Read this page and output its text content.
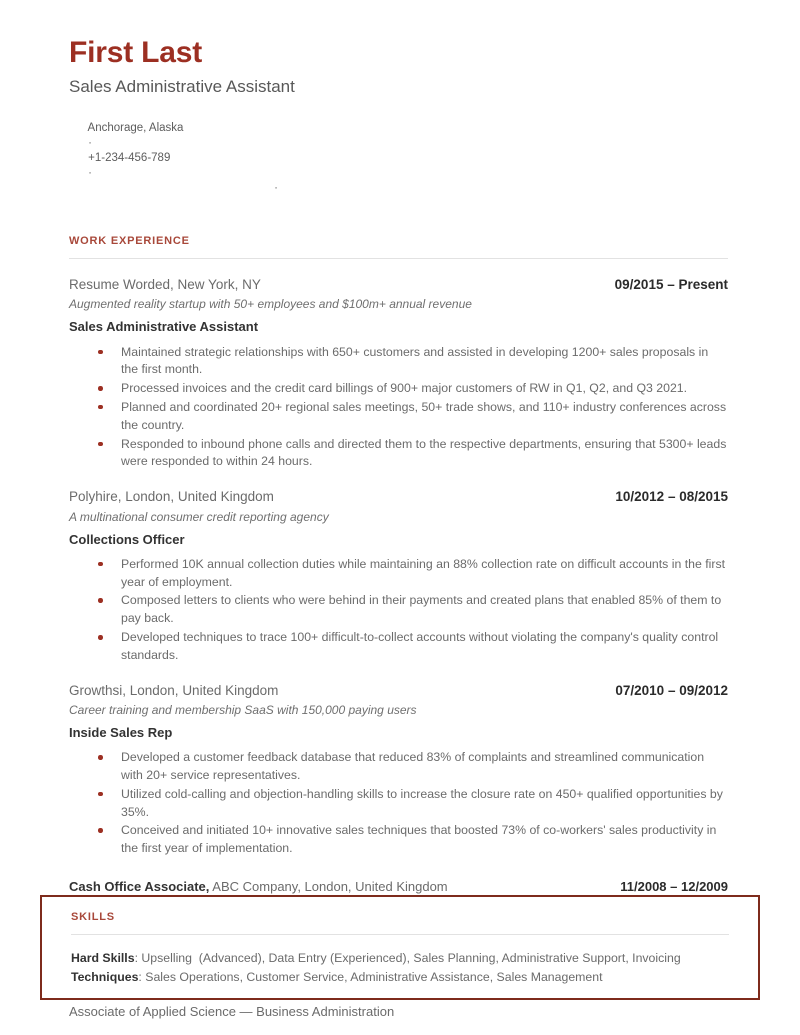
First Last
Sales Administrative Assistant

Anchorage, Alaska
·
+1-234-456-789
·
·

WORK EXPERIENCE
Resume Worded, New York, NY	09/2015 – Present
Augmented reality startup with 50+ employees and $100m+ annual revenue
Sales Administrative Assistant
Maintained strategic relationships with 650+ customers and assisted in developing 1200+ sales proposals in the first month.
Processed invoices and the credit card billings of 900+ major customers of RW in Q1, Q2, and Q3 2021.
Planned and coordinated 20+ regional sales meetings, 50+ trade shows, and 110+ industry conferences across the country.
Responded to inbound phone calls and directed them to the respective departments, ensuring that 5300+ leads were responded to within 24 hours.
Polyhire, London, United Kingdom	10/2012 – 08/2015
A multinational consumer credit reporting agency
Collections Officer
Performed 10K annual collection duties while maintaining an 88% collection rate on difficult accounts in the first year of employment.
Composed letters to clients who were behind in their payments and created plans that enabled 85% of them to pay back.
Developed techniques to trace 100+ difficult-to-collect accounts without violating the company's quality control standards.
Growthsi, London, United Kingdom	07/2010 – 09/2012
Career training and membership SaaS with 150,000 paying users
Inside Sales Rep
Developed a customer feedback database that reduced 83% of complaints and streamlined communication with 20+ service representatives.
Utilized cold-calling and objection-handling skills to increase the closure rate on 450+ qualified opportunities by 35%.
Conceived and initiated 10+ innovative sales techniques that boosted 73% of co-workers' sales productivity in the first year of implementation.
Cash Office Associate, ABC Company, London, United Kingdom	11/2008 – 12/2009
Associate of Applied Science — Business Administration
SKILLS
Hard Skills: Upselling  (Advanced), Data Entry (Experienced), Sales Planning, Administrative Support, Invoicing
Techniques: Sales Operations, Customer Service, Administrative Assistance, Sales Management
